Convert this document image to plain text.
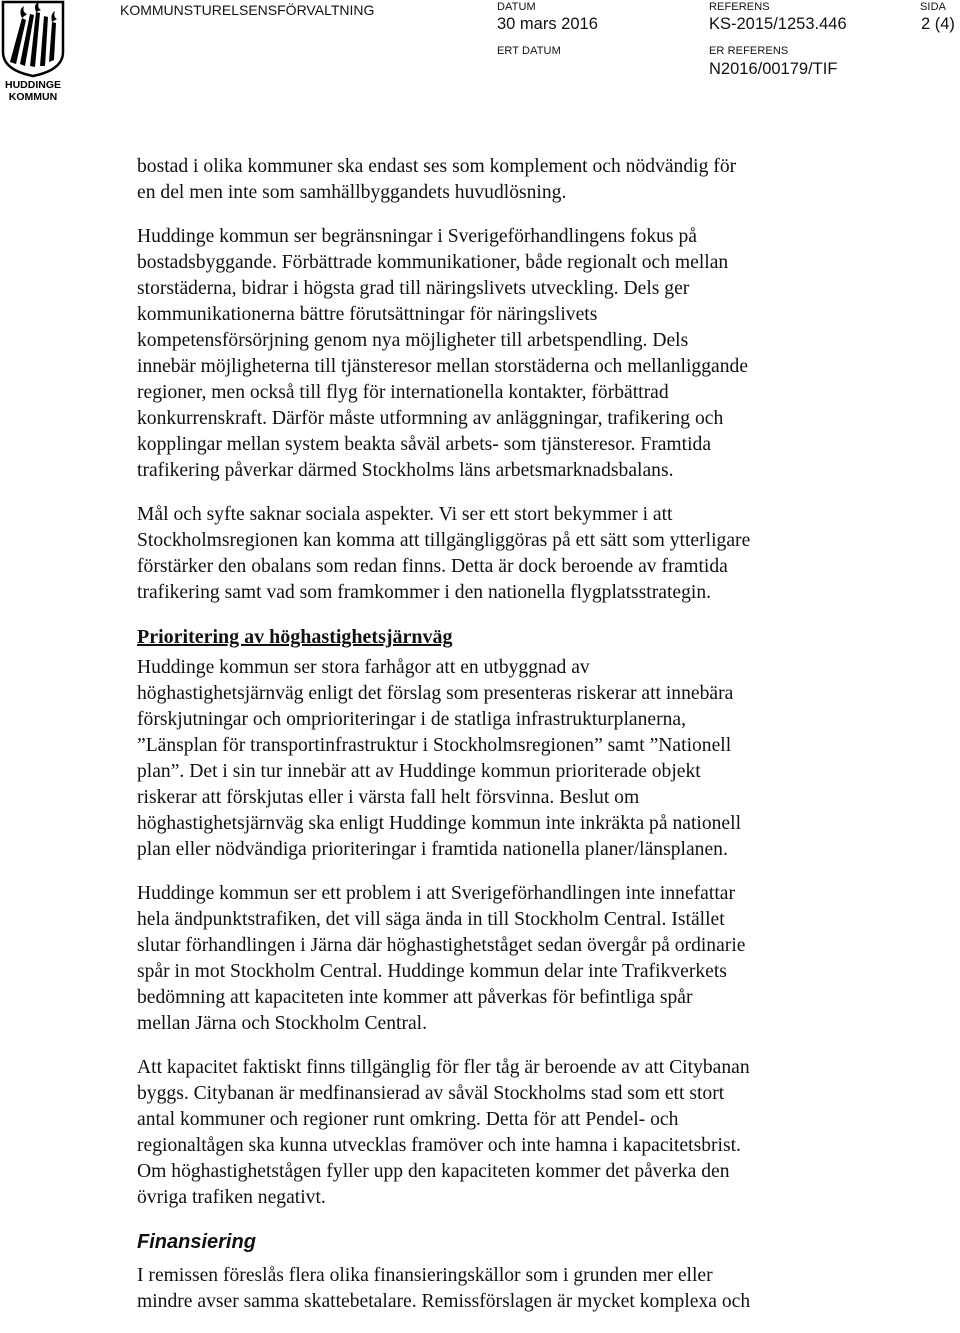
HUDDINGE
KOMMUN
KOMMUNSTURELSENSFÖRVALTNING	DATUM
30 mars 2016
ERT DATUM
REFERENS
KS-2015/1253.446
ER REFERENS
N2016/00179/TIF
SIDA
2 (4)

bostad i olika kommuner ska endast ses som komplement och nödvändig för
en del men inte som samhällbyggandets huvudlösning.

Huddinge kommun ser begränsningar i Sverigeförhandlingens fokus på
bostadsbyggande. Förbättrade kommunikationer, både regionalt och mellan
storstäderna, bidrar i högsta grad till näringslivets utveckling. Dels ger
kommunikationerna bättre förutsättningar för näringslivets
kompetensförsörjning genom nya möjligheter till arbetspendling. Dels
innebär möjligheterna till tjänsteresor mellan storstäderna och mellanliggande
regioner, men också till flyg för internationella kontakter, förbättrad
konkurrenskraft. Därför måste utformning av anläggningar, trafikering och
kopplingar mellan system beakta såväl arbets- som tjänsteresor. Framtida
trafikering påverkar därmed Stockholms läns arbetsmarknadsbalans.

Mål och syfte saknar sociala aspekter. Vi ser ett stort bekymmer i att
Stockholmsregionen kan komma att tillgängliggöras på ett sätt som ytterligare
förstärker den obalans som redan finns. Detta är dock beroende av framtida
trafikering samt vad som framkommer i den nationella flygplatsstrategin.

Prioritering av höghastighetsjärnväg

Huddinge kommun ser stora farhågor att en utbyggnad av
höghastighetsjärnväg enligt det förslag som presenteras riskerar att innebära
förskjutningar och omprioriteringar i de statliga infrastrukturplanerna,
”Länsplan för transportinfrastruktur i Stockholmsregionen” samt ”Nationell
plan”. Det i sin tur innebär att av Huddinge kommun prioriterade objekt
riskerar att förskjutas eller i värsta fall helt försvinna. Beslut om
höghastighetsjärnväg ska enligt Huddinge kommun inte inkräkta på nationell
plan eller nödvändiga prioriteringar i framtida nationella planer/länsplanen.

Huddinge kommun ser ett problem i att Sverigeförhandlingen inte innefattar
hela ändpunktstrafiken, det vill säga ända in till Stockholm Central. Istället
slutar förhandlingen i Järna där höghastighetståget sedan övergår på ordinarie
spår in mot Stockholm Central. Huddinge kommun delar inte Trafikverkets
bedömning att kapaciteten inte kommer att påverkas för befintliga spår
mellan Järna och Stockholm Central.

Att kapacitet faktiskt finns tillgänglig för fler tåg är beroende av att Citybanan
byggs. Citybanan är medfinansierad av såväl Stockholms stad som ett stort
antal kommuner och regioner runt omkring. Detta för att Pendel- och
regionaltågen ska kunna utvecklas framöver och inte hamna i kapacitetsbrist.
Om höghastighetstågen fyller upp den kapaciteten kommer det påverka den
övriga trafiken negativt.

Finansiering

I remissen föreslås flera olika finansieringskällor som i grunden mer eller
mindre avser samma skattebetalare. Remissförslagen är mycket komplexa och
